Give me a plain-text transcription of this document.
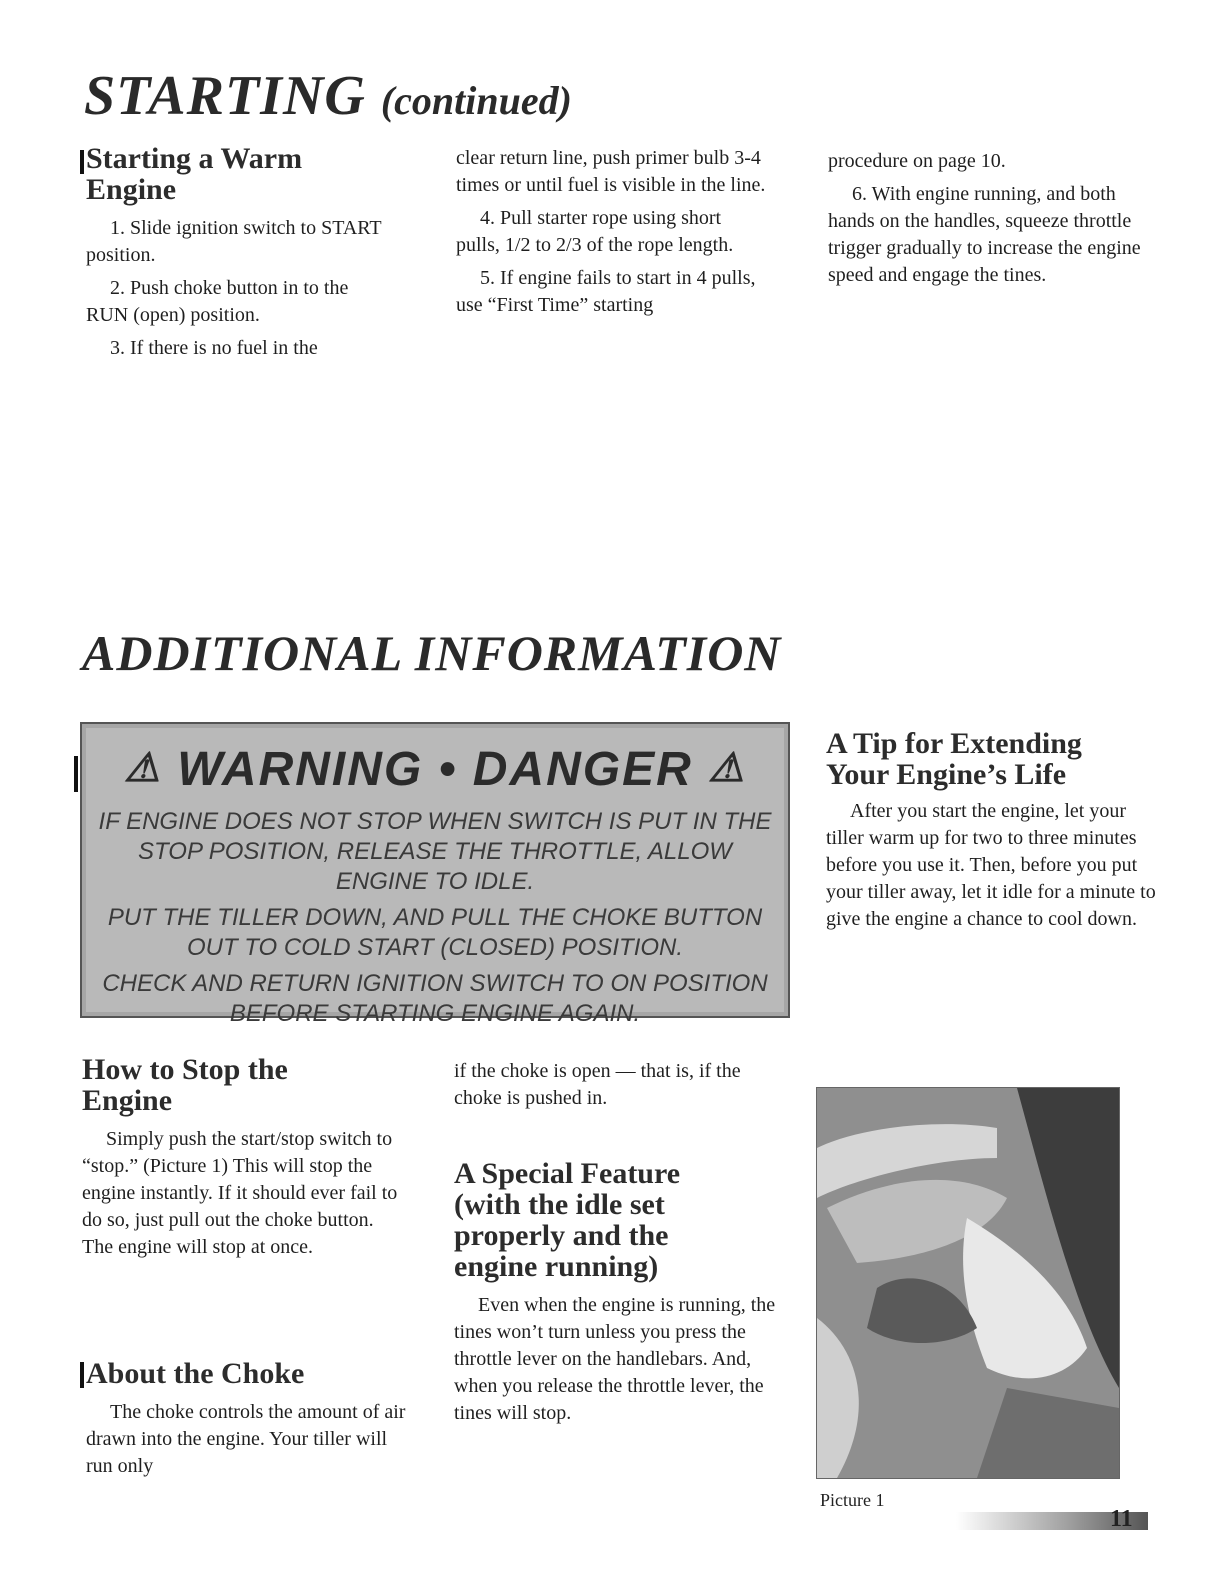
STARTING (continued)
Starting a Warm
Engine

1. Slide ignition switch to START position.

2. Push choke button in to the RUN (open) position.

3. If there is no fuel in the

clear return line, push primer bulb 3-4 times or until fuel is visible in the line.

4. Pull starter rope using short pulls, 1/2 to 2/3 of the rope length.

5. If engine fails to start in 4 pulls, use “First Time” starting

procedure on page 10.

6. With engine running, and both hands on the handles, squeeze throttle trigger gradually to increase the engine speed and engage the tines.

ADDITIONAL INFORMATION
⚠ WARNING • DANGER ⚠

IF ENGINE DOES NOT STOP WHEN SWITCH IS PUT IN THE STOP POSITION, RELEASE THE THROTTLE, ALLOW ENGINE TO IDLE.

PUT THE TILLER DOWN, AND PULL THE CHOKE BUTTON OUT TO COLD START (CLOSED) POSITION.

CHECK AND RETURN IGNITION SWITCH TO ON POSITION BEFORE STARTING ENGINE AGAIN.

A Tip for Extending
Your Engine’s Life

After you start the engine, let your tiller warm up for two to three minutes before you use it. Then, before you put your tiller away, let it idle for a minute to give the engine a chance to cool down.

How to Stop the
Engine

Simply push the start/stop switch to “stop.” (Picture 1) This will stop the engine instantly. If it should ever fail to do so, just pull out the choke button. The engine will stop at once.

About the Choke

The choke controls the amount of air drawn into the engine. Your tiller will run only

if the choke is open — that is, if the choke is pushed in.

A Special Feature
(with the idle set
properly and the
engine running)

Even when the engine is running, the tines won’t turn unless you press the throttle lever on the handlebars. And, when you release the throttle lever, the tines will stop.

Picture 1
11
